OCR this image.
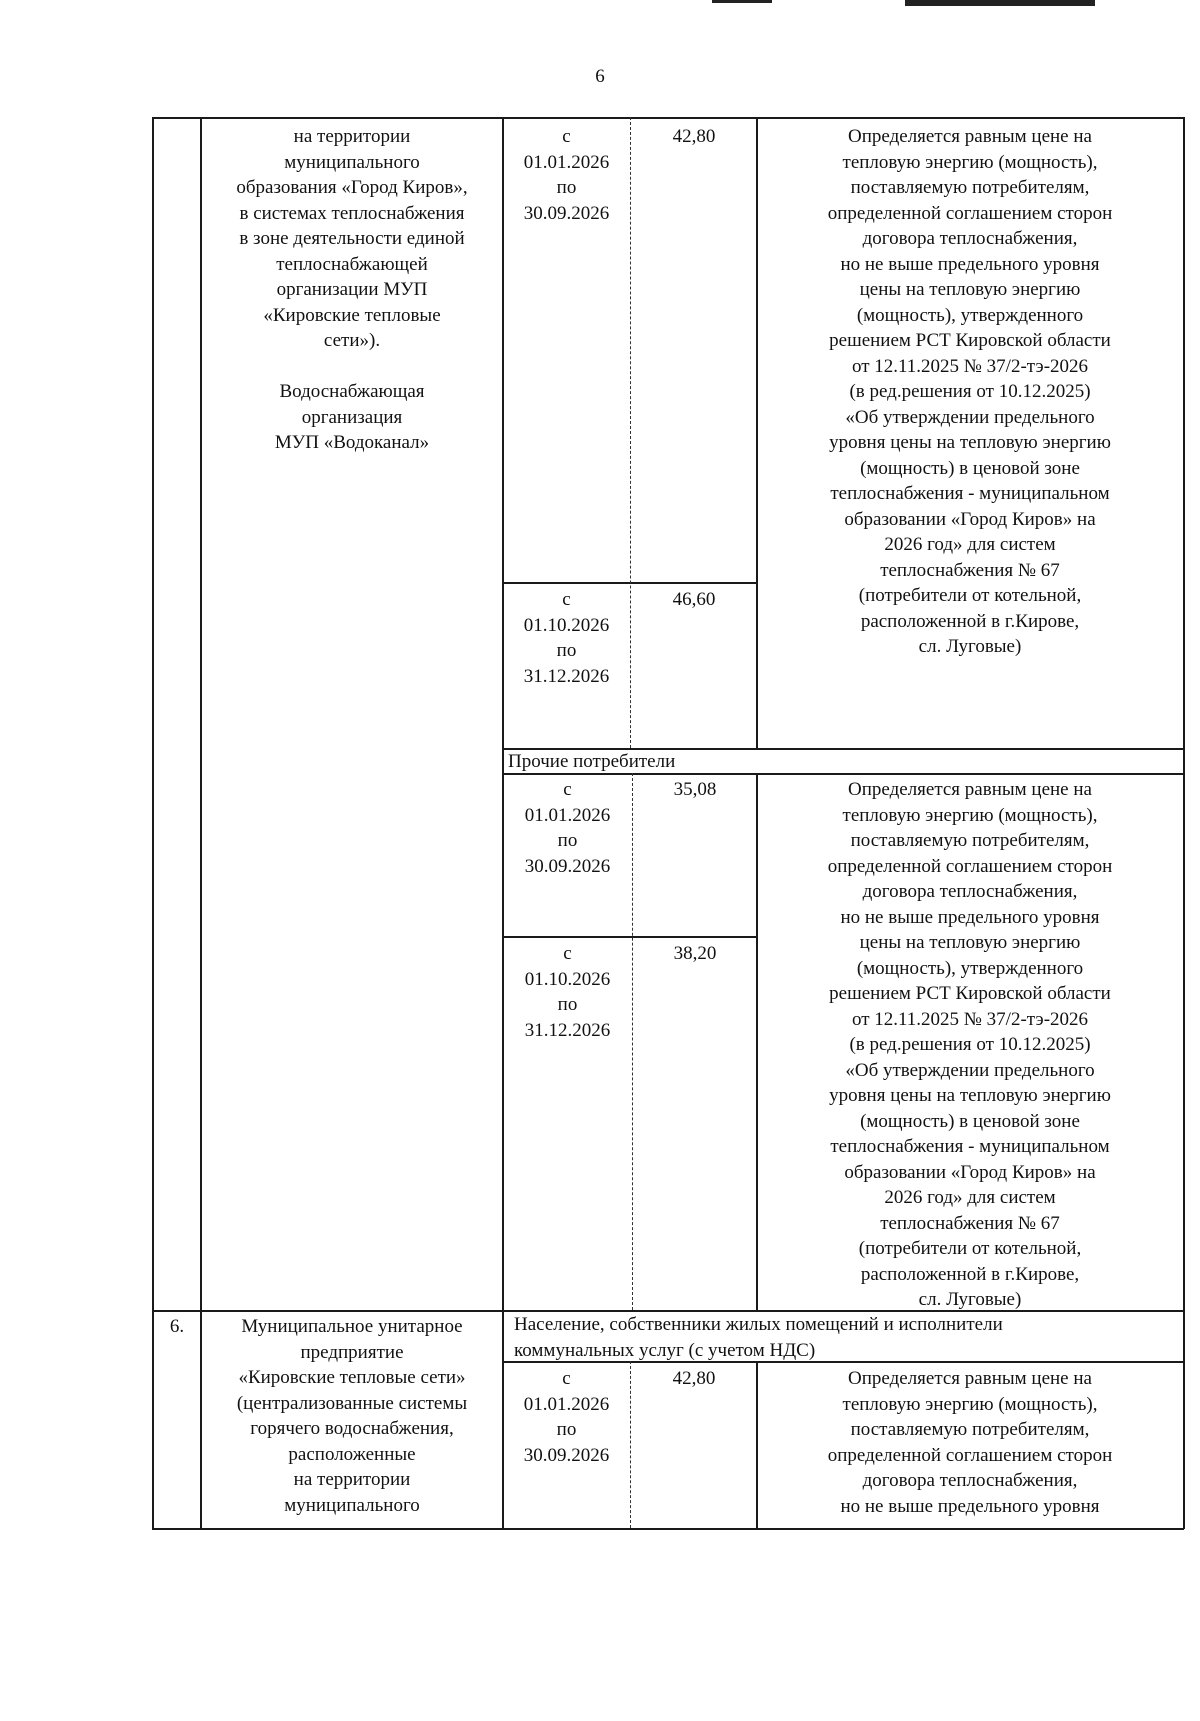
6
на территории
муниципального
образования «Город Киров»,
в системах теплоснабжения
в зоне деятельности единой
теплоснабжающей
организации МУП
«Кировские тепловые
сети»).
Водоснабжающая
организация
МУП «Водоканал»
с
01.01.2026
по
30.09.2026
42,80
с
01.10.2026
по
31.12.2026
46,60
Определяется равным цене на
тепловую энергию (мощность),
поставляемую потребителям,
определенной соглашением сторон
договора теплоснабжения,
но не выше предельного уровня
цены на тепловую энергию
(мощность), утвержденного
решением РСТ Кировской области
от 12.11.2025 № 37/2-тэ-2026
(в ред.решения от 10.12.2025)
«Об утверждении предельного
уровня цены на тепловую энергию
(мощность) в ценовой зоне
теплоснабжения - муниципальном
образовании «Город Киров» на
2026 год» для систем
теплоснабжения № 67
(потребители от котельной,
расположенной в г.Кирове,
сл. Луговые)
Прочие потребители
с
01.01.2026
по
30.09.2026
35,08
с
01.10.2026
по
31.12.2026
38,20
Определяется равным цене на
тепловую энергию (мощность),
поставляемую потребителям,
определенной соглашением сторон
договора теплоснабжения,
но не выше предельного уровня
цены на тепловую энергию
(мощность), утвержденного
решением РСТ Кировской области
от 12.11.2025 № 37/2-тэ-2026
(в ред.решения от 10.12.2025)
«Об утверждении предельного
уровня цены на тепловую энергию
(мощность) в ценовой зоне
теплоснабжения - муниципальном
образовании «Город Киров» на
2026 год» для систем
теплоснабжения № 67
(потребители от котельной,
расположенной в г.Кирове,
сл. Луговые)
6.	Муниципальное унитарное
предприятие
«Кировские тепловые сети»
(централизованные системы
горячего водоснабжения,
расположенные
на территории
муниципального
Население, собственники жилых помещений и исполнители
коммунальных услуг (с учетом НДС)
с
01.01.2026
по
30.09.2026
42,80	Определяется равным цене на
тепловую энергию (мощность),
поставляемую потребителям,
определенной соглашением сторон
договора теплоснабжения,
но не выше предельного уровня
